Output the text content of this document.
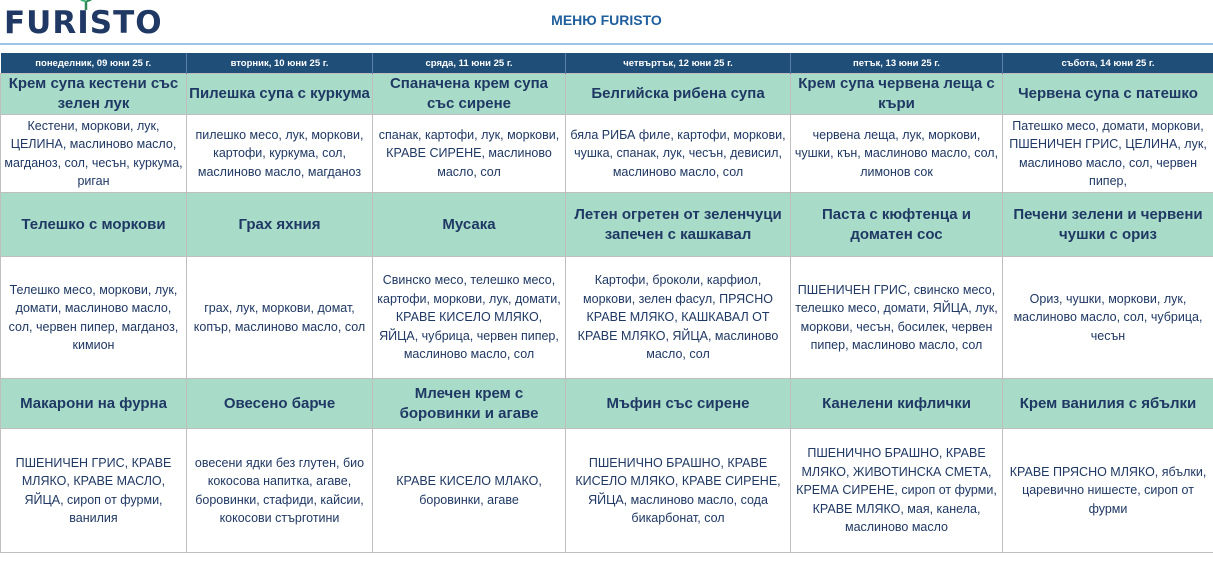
FURI
STO	МЕНЮ FURISTO
понеделник, 09 юни 25 г.	вторник, 10 юни 25 г.	сряда, 11 юни 25 г.	четвъртък, 12 юни 25 г.	петък, 13 юни 25 г.	събота, 14 юни 25 г.
Крем супа кестени със зелен лук	Пилешка супа с куркума	Спаначена крем супа със сирене	Белгийска рибена супа	Крем супа червена леща с къри	Червена супа с патешко
Кестени, моркови, лук, ЦЕЛИНА, маслиново масло, магданоз, сол, чесън, куркума, риган	пилешко месо, лук, моркови, картофи, куркума, сол, маслиново масло, магданоз	спанак, картофи, лук, моркови, КРАВЕ СИРЕНЕ, маслиново масло, сол	бяла РИБА филе, картофи, моркови, чушка, спанак, лук, чесън, девисил, маслиново масло, сол	червена леща, лук, моркови, чушки, кън, маслиново масло, сол, лимонов сок	Патешко месо, домати, моркови, ПШЕНИЧЕН ГРИС, ЦЕЛИНА, лук, маслиново масло, сол, червен пипер,
Телешко с моркови	Грах яхния	Мусака	Летен огретен от зеленчуци запечен с кашкавал	Паста с кюфтенца и доматен сос	Печени зелени и червени чушки с ориз
Телешко месо, моркови, лук, домати, маслиново масло, сол, червен пипер, магданоз, кимион	грах, лук, моркови, домат, копър, маслиново масло, сол	Свинско месо, телешко месо, картофи, моркови, лук, домати, КРАВЕ КИСЕЛО МЛЯКО, ЯЙЦА, чубрица, червен пипер, маслиново масло, сол	Картофи, броколи, карфиол, моркови, зелен фасул, ПРЯСНО КРАВЕ МЛЯКО, КАШКАВАЛ ОТ КРАВЕ МЛЯКО, ЯЙЦА, маслиново масло, сол	ПШЕНИЧЕН ГРИС, свинско месо, телешко месо, домати, ЯЙЦА, лук, моркови, чесън, босилек, червен пипер, маслиново масло, сол	Ориз, чушки, моркови, лук, маслиново масло, сол, чубрица, чесън
Макарони на фурна	Овесено барче	Млечен крем с боровинки и агаве	Мъфин със сирене	Канелени кифлички	Крем ванилия с ябълки
ПШЕНИЧЕН ГРИС, КРАВЕ МЛЯКО, КРАВЕ МАСЛО, ЯЙЦА, сироп от фурми, ванилия	овесени ядки без глутен, био кокосова напитка, агаве, боровинки, стафиди, кайсии, кокосови стърготини	КРАВЕ КИСЕЛО МЛАКО, боровинки, агаве	ПШЕНИЧНО БРАШНО, КРАВЕ КИСЕЛО МЛЯКО, КРАВЕ СИРЕНЕ, ЯЙЦА, маслиново масло, сода бикарбонат, сол	ПШЕНИЧНО БРАШНО, КРАВЕ МЛЯКО, ЖИВОТИНСКА СМЕТА, КРЕМА СИРЕНЕ, сироп от фурми, КРАВЕ МЛЯКО, мая, канела, маслиново масло	КРАВЕ ПРЯСНО МЛЯКО, ябълки, царевично нишесте, сироп от фурми
